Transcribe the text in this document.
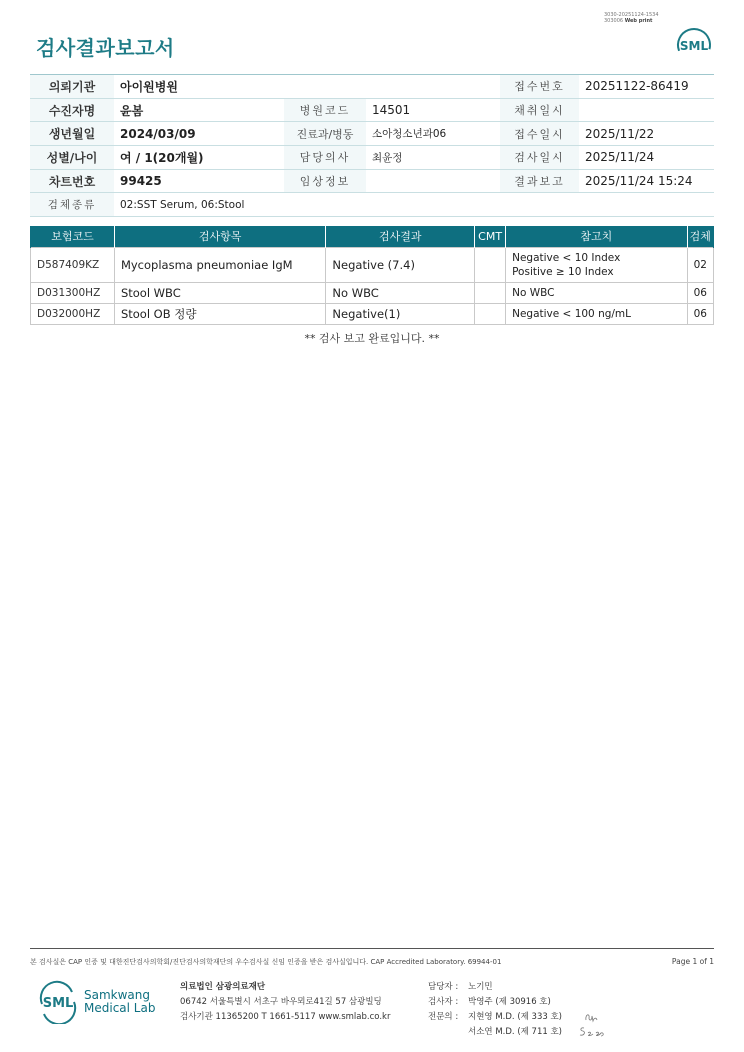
3030-20251124-1534
303006 Web print
검사결과보고서	SML
의뢰기관	아이원병원			접수번호	20251122-86419
수진자명	윤봄	병원코드	14501	채취일시	
생년월일	2024/03/09	진료과/병동	소아청소년과06	접수일시	2025/11/22
성별/나이	여 / 1(20개월)	담당의사	최윤정	검사일시	2025/11/24
차트번호	99425	임상정보		결과보고	2025/11/24 15:24
검체종류	02:SST Serum, 06:Stool				
보험코드	검사항목	검사결과	CMT	참고치	검체
D587409KZ	Mycoplasma pneumoniae IgM	Negative (7.4)		Negative < 10 Index
Positive ≥ 10 Index	02
D031300HZ	Stool WBC	No WBC		No WBC	06
D032000HZ	Stool OB 정량	Negative(1)		Negative < 100 ng/mL	06
** 검사 보고 완료입니다. **
본 검사실은 CAP 인증 및 대한진단검사의학회/진단검사의학재단의 우수검사실 신임 인증을 받은 검사실입니다. CAP Accredited Laboratory. 69944-01	Page 1 of 1
SML
Samkwang
Medical Lab
의료법인 삼광의료재단
06742 서울특별시 서초구 바우뫼로41길 57 삼광빌딩
검사기관 11365200 T 1661-5117 www.smlab.co.kr
담당자 : 노기민
검사자 : 박영주 (제 30916 호)
전문의 : 지현영 M.D. (제 333 호)
서소연 M.D. (제 711 호)
